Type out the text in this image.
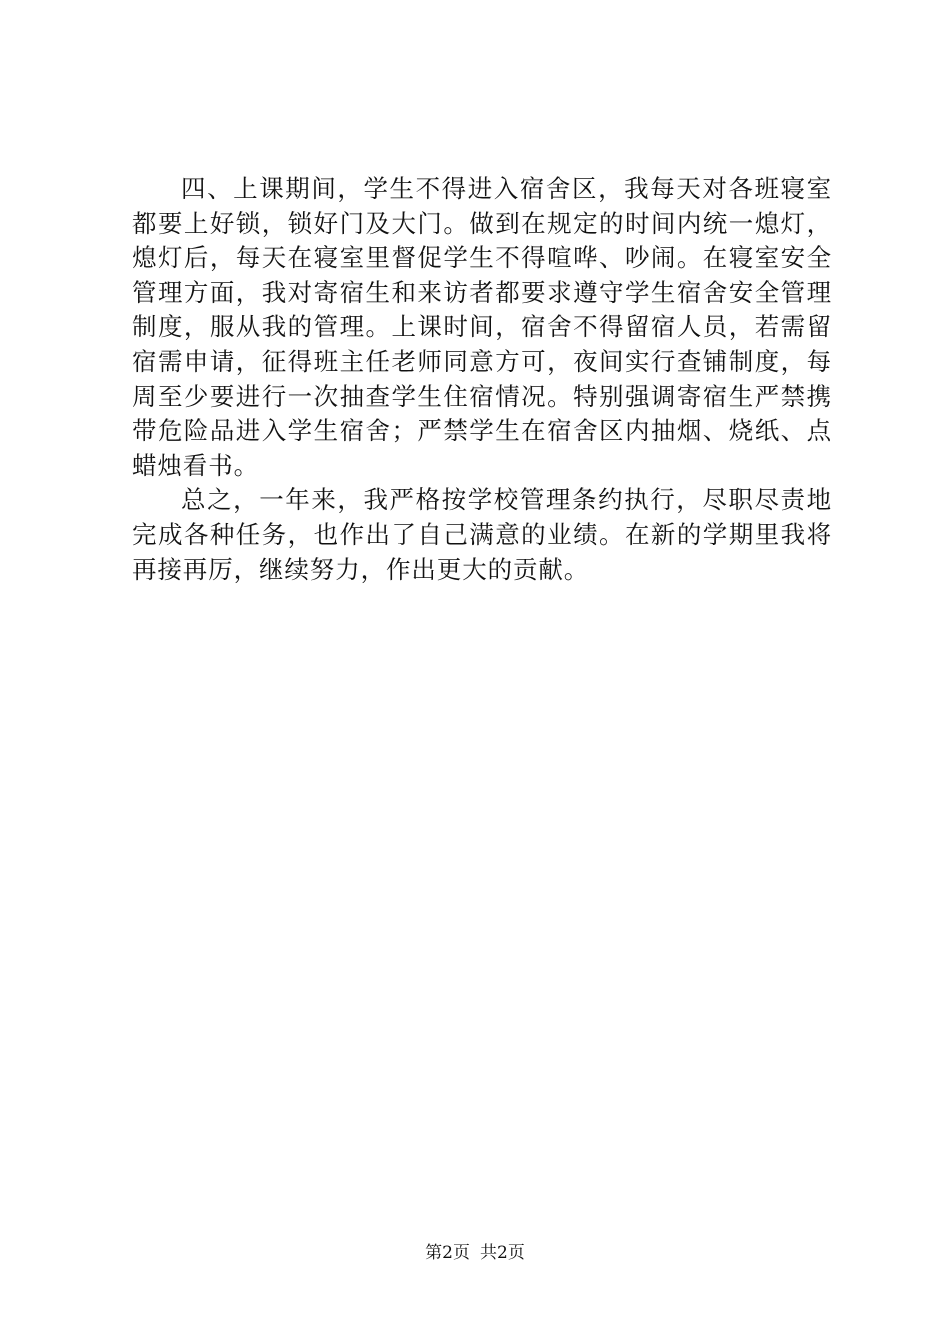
四、上课期间，学生不得进入宿舍区，我每天对各班寝室都要上好锁，锁好门及大门。做到在规定的时间内统一熄灯，熄灯后，每天在寝室里督促学生不得喧哗、吵闹。在寝室安全管理方面，我对寄宿生和来访者都要求遵守学生宿舍安全管理制度，服从我的管理。上课时间，宿舍不得留宿人员，若需留宿需申请，征得班主任老师同意方可，夜间实行查铺制度，每周至少要进行一次抽查学生住宿情况。特别强调寄宿生严禁携带危险品进入学生宿舍；严禁学生在宿舍区内抽烟、烧纸、点蜡烛看书。

总之，一年来，我严格按学校管理条约执行，尽职尽责地完成各种任务，也作出了自己满意的业绩。在新的学期里我将再接再厉，继续努力，作出更大的贡献。

第2页 共2页
